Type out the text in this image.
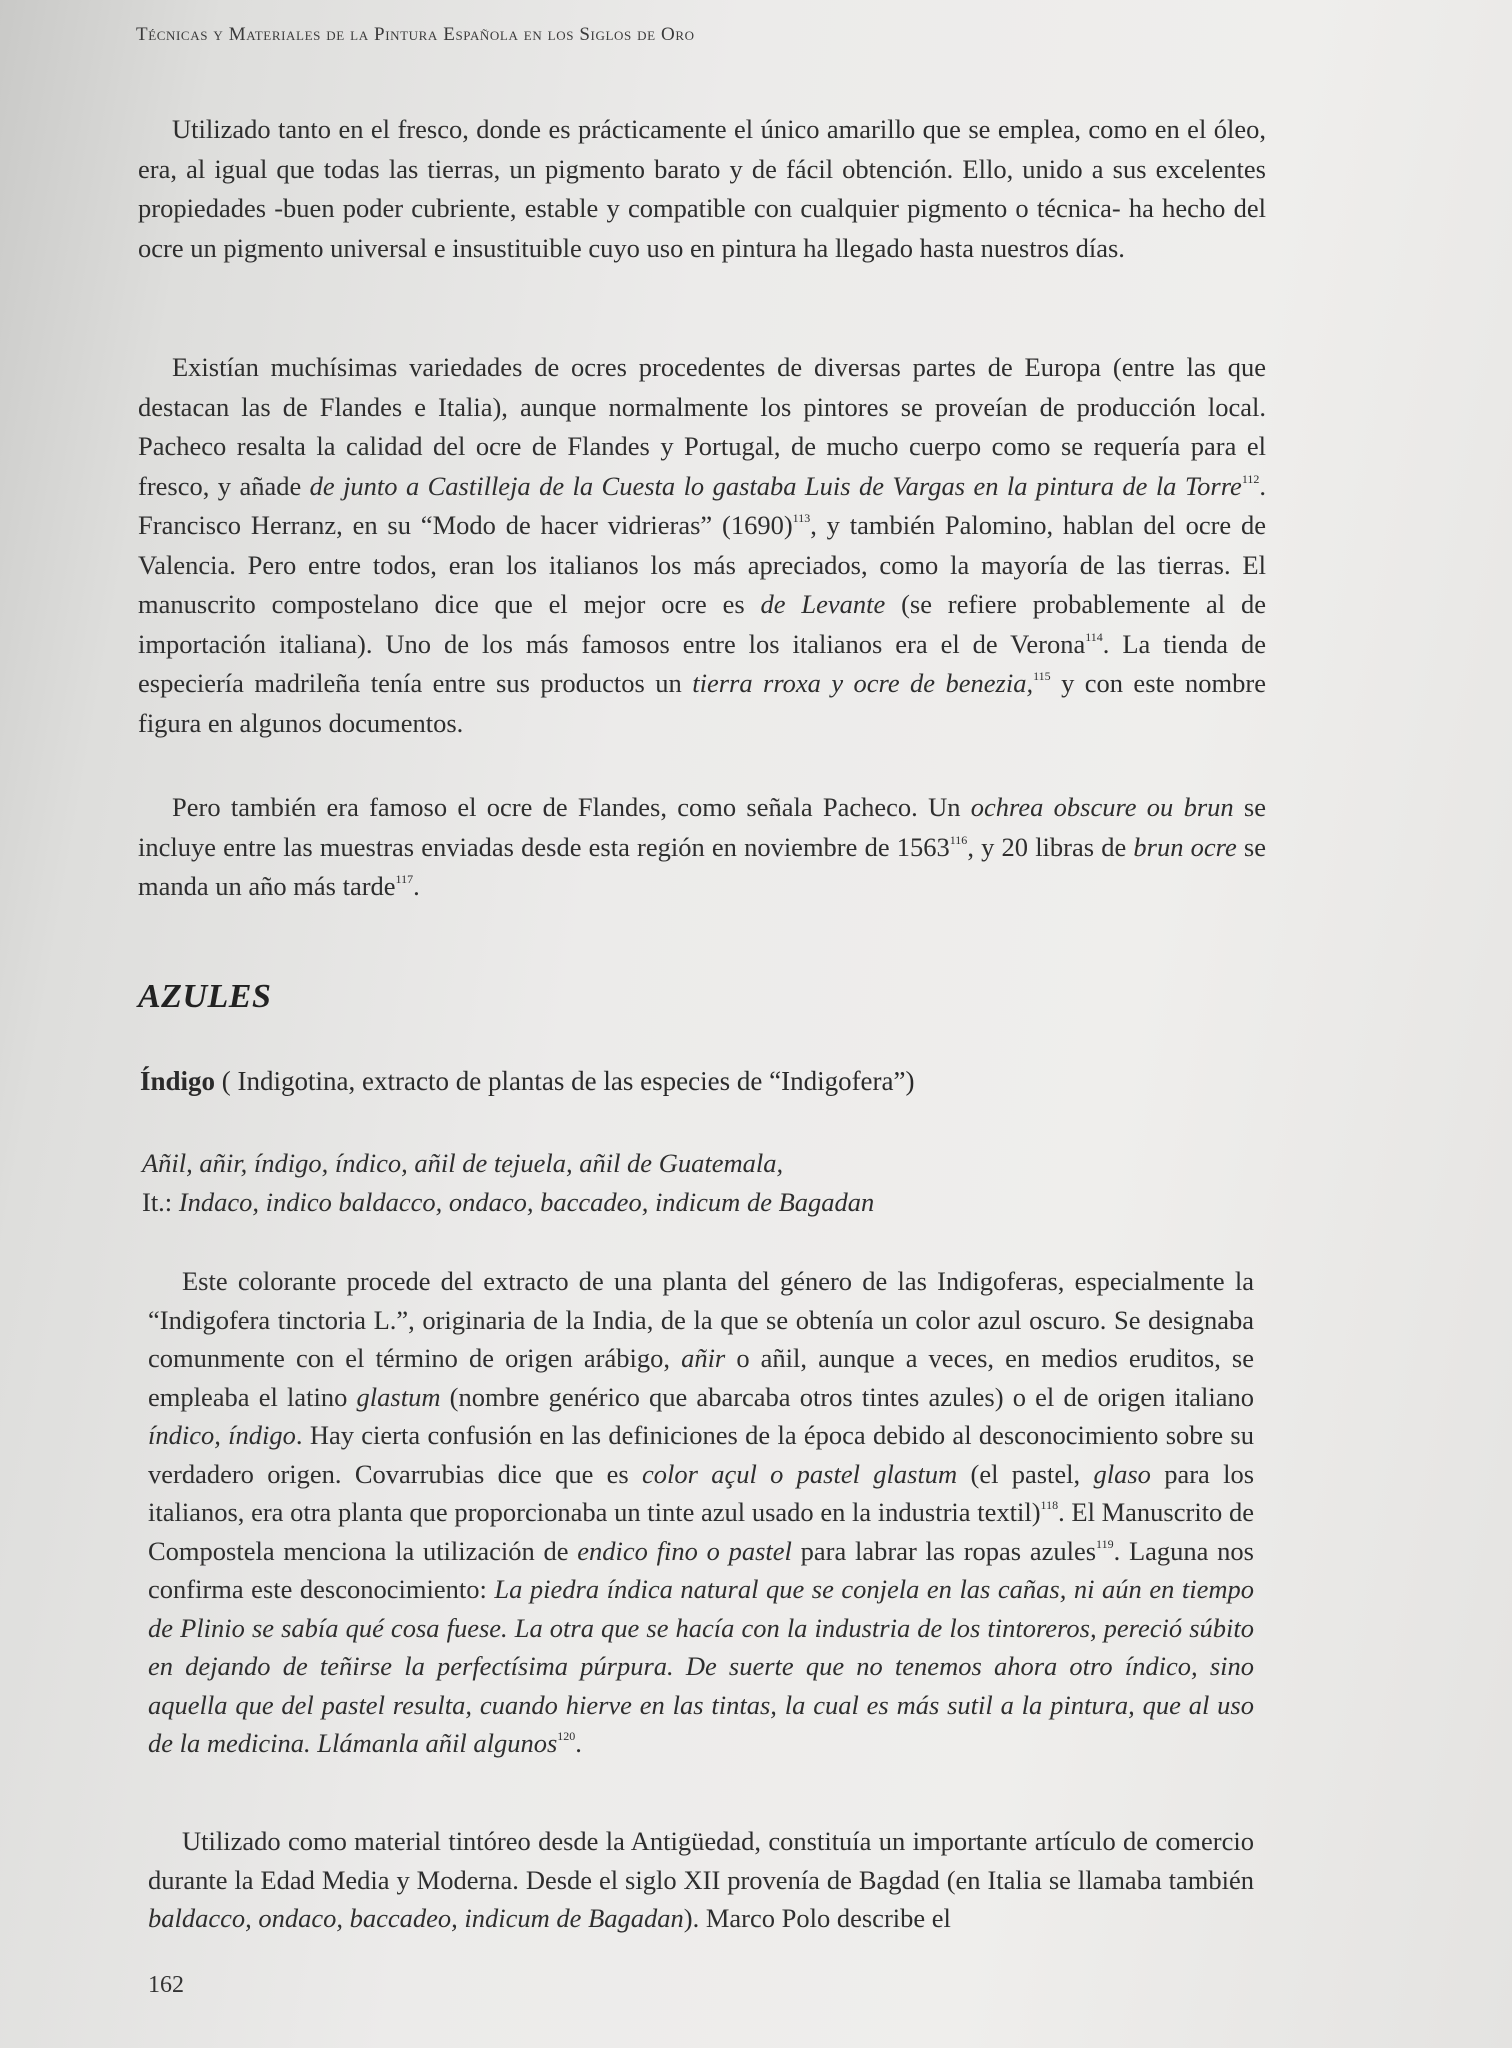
Técnicas y Materiales de la Pintura Española en los Siglos de Oro

Utilizado tanto en el fresco, donde es prácticamente el único amarillo que se emplea, como en el óleo, era, al igual que todas las tierras, un pigmento barato y de fácil obtención. Ello, unido a sus excelentes propiedades -buen poder cubriente, estable y compatible con cualquier pigmento o técnica- ha hecho del ocre un pigmento universal e insustituible cuyo uso en pintura ha llegado hasta nuestros días.

Existían muchísimas variedades de ocres procedentes de diversas partes de Europa (entre las que destacan las de Flandes e Italia), aunque normalmente los pintores se proveían de producción local. Pacheco resalta la calidad del ocre de Flandes y Portugal, de mucho cuerpo como se requería para el fresco, y añade de junto a Castilleja de la Cuesta lo gastaba Luis de Vargas en la pintura de la Torre$^{112}$. Francisco Herranz, en su “Modo de hacer vidrieras” $(1690)^{113}$, y también Palomino, hablan del ocre de Valencia. Pero entre todos, eran los italianos los más apreciados, como la mayoría de las tierras. El manuscrito compostelano dice que el mejor ocre es de Levante (se refiere probablemente al de importación italiana). Uno de los más famosos entre los italianos era el de Verona$^{114}$. La tienda de especiería madrileña tenía entre sus productos un tierra rroxa y ocre de benezia,$^{115}$ y con este nombre figura en algunos documentos.

Pero también era famoso el ocre de Flandes, como señala Pacheco. Un ochrea obscure ou brun se incluye entre las muestras enviadas desde esta región en noviembre de 1563$^{116}$, y 20 libras de brun ocre se manda un año más tarde$^{117}$.

AZULES
Índigo ( Indigotina, extracto de plantas de las especies de “Indigofera”)
Añil, añir, índigo, índico, añil de tejuela, añil de Guatemala,
It.: Indaco, indico baldacco, ondaco, baccadeo, indicum de Bagadan

Este colorante procede del extracto de una planta del género de las Indigoferas, especialmente la “Indigofera tinctoria L.”, originaria de la India, de la que se obtenía un color azul oscuro. Se designaba comunmente con el término de origen arábigo, añir o añil, aunque a veces, en medios eruditos, se empleaba el latino glastum (nombre genérico que abarcaba otros tintes azules) o el de origen italiano índico, índigo. Hay cierta confusión en las definiciones de la época debido al desconocimiento sobre su verdadero origen. Covarrubias dice que es color açul o pastel glastum (el pastel, glaso para los italianos, era otra planta que proporcionaba un tinte azul usado en la industria textil)$^{118}$. El Manuscrito de Compostela menciona la utilización de endico fino o pastel para labrar las ropas azules$^{119}$. Laguna nos confirma este desconocimiento: La piedra índica natural que se conjela en las cañas, ni aún en tiempo de Plinio se sabía qué cosa fuese. La otra que se hacía con la industria de los tintoreros, pereció súbito en dejando de teñirse la perfectísima púrpura. De suerte que no tenemos ahora otro índico, sino aquella que del pastel resulta, cuando hierve en las tintas, la cual es más sutil a la pintura, que al uso de la medicina. Llámanla añil algunos$^{120}$.

Utilizado como material tintóreo desde la Antigüedad, constituía un importante artículo de comercio durante la Edad Media y Moderna. Desde el siglo XII provenía de Bagdad (en Italia se llamaba también baldacco, ondaco, baccadeo, indicum de Bagadan). Marco Polo describe el

162
